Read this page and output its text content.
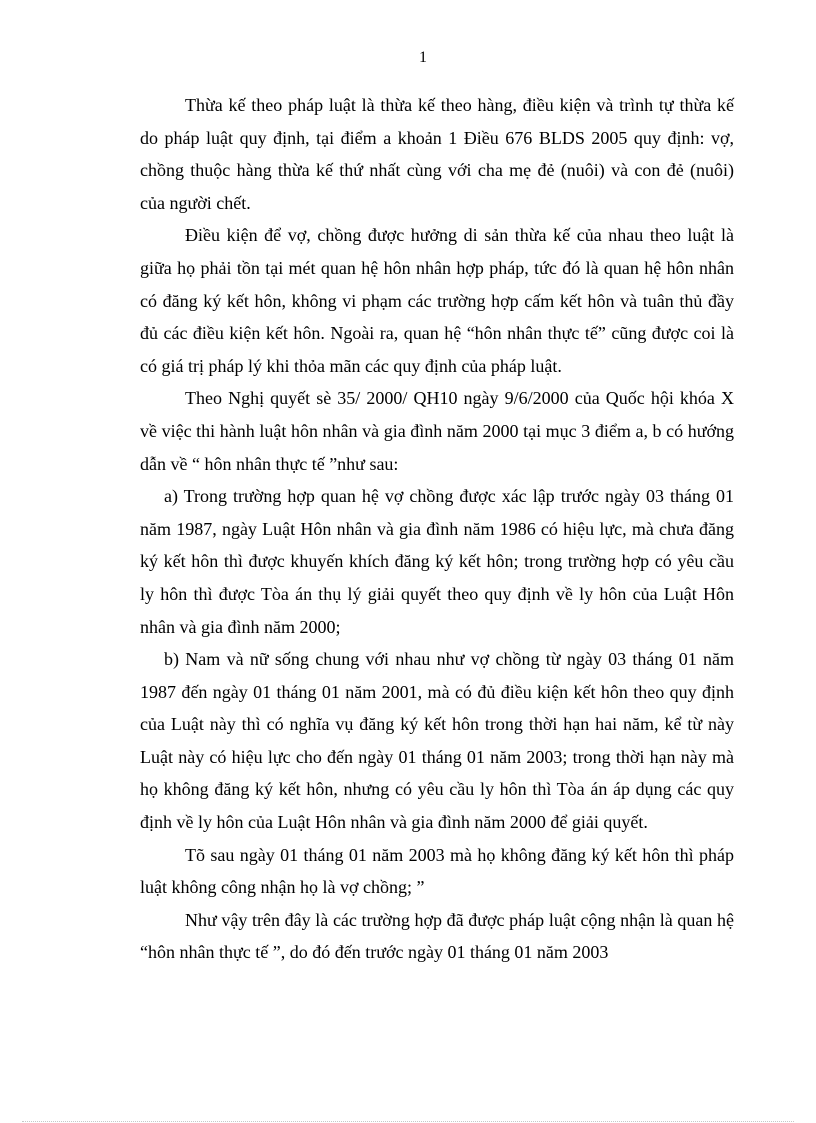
1

Thừa kế theo pháp luật là thừa kế theo hàng, điều kiện và trình tự thừa kế do pháp luật quy định, tại điểm a khoản 1 Điều 676 BLDS 2005 quy định: vợ, chồng thuộc hàng thừa kế thứ nhất cùng với cha mẹ đẻ (nuôi) và con đẻ (nuôi) của người chết.

Điều kiện để vợ, chồng được hưởng di sản thừa kế của nhau theo luật là giữa họ phải tồn tại mét quan hệ hôn nhân hợp pháp, tức đó là quan hệ hôn nhân có đăng ký kết hôn, không vi phạm các trường hợp cấm kết hôn và tuân thủ đầy đủ các điều kiện kết hôn. Ngoài ra, quan hệ “hôn nhân thực tế” cũng được coi là có giá trị pháp lý khi thỏa mãn các quy định của pháp luật.

Theo Nghị quyết sè 35/ 2000/ QH10 ngày 9/6/2000 của Quốc hội khóa X về việc thi hành luật hôn nhân và gia đình năm 2000 tại mục 3 điểm a, b có hướng dẫn về “ hôn nhân thực tế ”như sau:

a) Trong trường hợp quan hệ vợ chồng được xác lập trước ngày 03 tháng 01 năm 1987, ngày Luật Hôn nhân và gia đình năm 1986 có hiệu lực, mà chưa đăng ký kết hôn thì được khuyến khích đăng ký kết hôn; trong trường hợp có yêu cầu ly hôn thì được Tòa án thụ lý giải quyết theo quy định về ly hôn của Luật Hôn nhân và gia đình năm 2000;

b) Nam và nữ sống chung với nhau như vợ chồng từ ngày 03 tháng 01 năm 1987 đến ngày 01 tháng 01 năm 2001, mà có đủ điều kiện kết hôn theo quy định của Luật này thì có nghĩa vụ đăng ký kết hôn trong thời hạn hai năm, kể từ này Luật này có hiệu lực cho đến ngày 01 tháng 01 năm 2003; trong thời hạn này mà họ không đăng ký kết hôn, nhưng có yêu cầu ly hôn thì Tòa án áp dụng các quy định về ly hôn của Luật Hôn nhân và gia đình năm 2000 để giải quyết.

Tõ sau ngày 01 tháng 01 năm 2003 mà họ không đăng ký kết hôn thì pháp luật không công nhận họ là vợ chồng; ”

Như vậy trên đây là các trường hợp đã được pháp luật cộng nhận là quan hệ “hôn nhân thực tế ”, do đó đến trước ngày 01 tháng 01 năm 2003
